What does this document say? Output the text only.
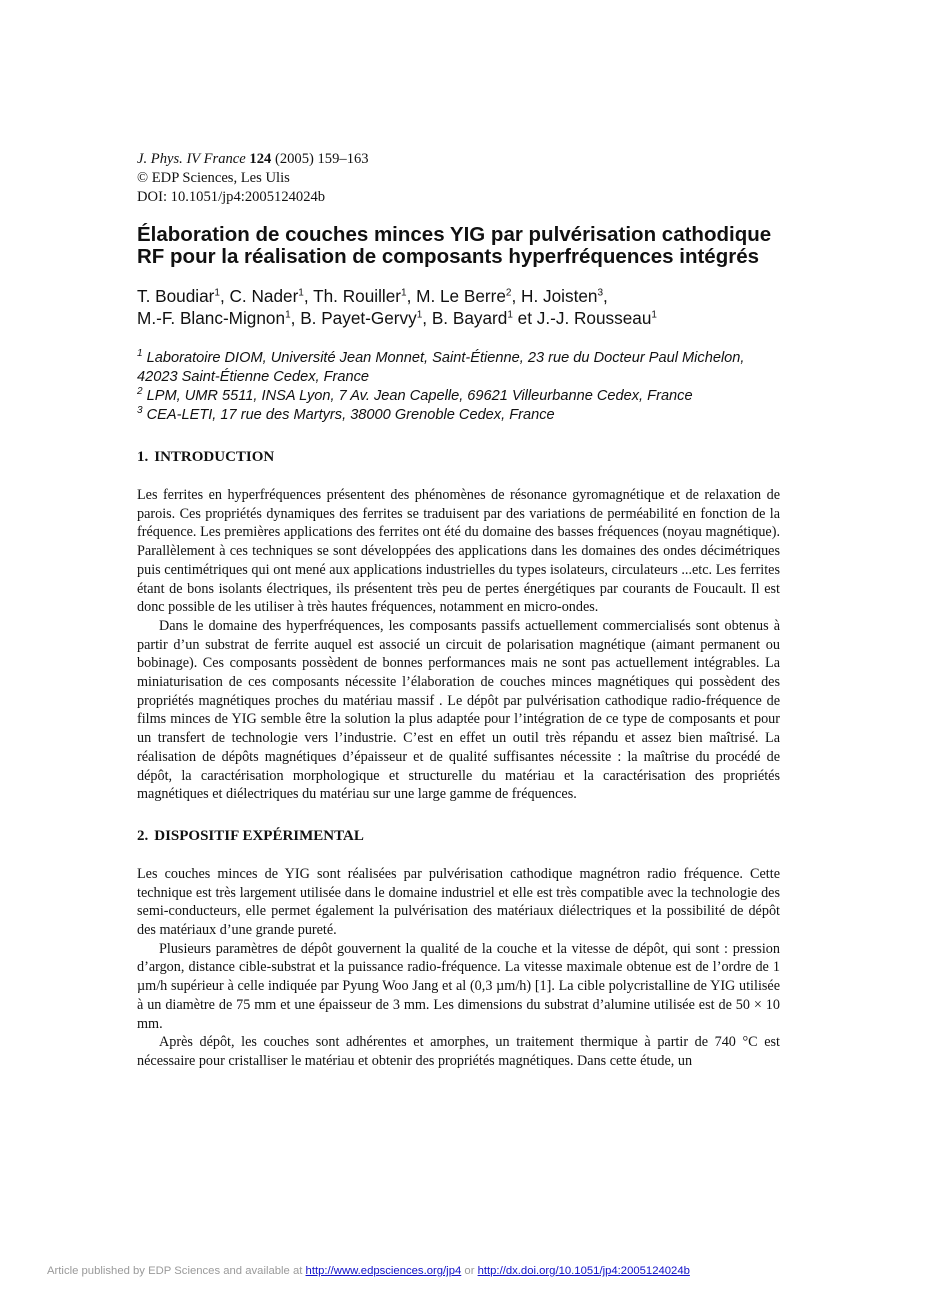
J. Phys. IV France 124 (2005) 159–163
© EDP Sciences, Les Ulis
DOI: 10.1051/jp4:2005124024b
Élaboration de couches minces YIG par pulvérisation cathodique RF pour la réalisation de composants hyperfréquences intégrés
T. Boudiar$^1$, C. Nader$^1$, Th. Rouiller$^1$, M. Le Berre$^2$, H. Joisten$^3$,
M.-F. Blanc-Mignon$^1$, B. Payet-Gervy$^1$, B. Bayard$^1$ et J.-J. Rousseau$^1$
$^1$ Laboratoire DIOM, Université Jean Monnet, Saint-Étienne, 23 rue du Docteur Paul Michelon, 42023 Saint-Étienne Cedex, France
$^2$ LPM, UMR 5511, INSA Lyon, 7 Av. Jean Capelle, 69621 Villeurbanne Cedex, France
$^3$ CEA-LETI, 17 rue des Martyrs, 38000 Grenoble Cedex, France
1. INTRODUCTION

Les ferrites en hyperfréquences présentent des phénomènes de résonance gyromagnétique et de relaxation de parois. Ces propriétés dynamiques des ferrites se traduisent par des variations de perméabilité en fonction de la fréquence. Les premières applications des ferrites ont été du domaine des basses fréquences (noyau magnétique). Parallèlement à ces techniques se sont développées des applications dans les domaines des ondes décimétriques puis centimétriques qui ont mené aux applications industrielles du types isolateurs, circulateurs ...etc. Les ferrites étant de bons isolants électriques, ils présentent très peu de pertes énergétiques par courants de Foucault. Il est donc possible de les utiliser à très hautes fréquences, notamment en micro-ondes.

Dans le domaine des hyperfréquences, les composants passifs actuellement commercialisés sont obtenus à partir d’un substrat de ferrite auquel est associé un circuit de polarisation magnétique (aimant permanent ou bobinage). Ces composants possèdent de bonnes performances mais ne sont pas actuellement intégrables. La miniaturisation de ces composants nécessite l’élaboration de couches minces magnétiques qui possèdent des propriétés magnétiques proches du matériau massif . Le dépôt par pulvérisation cathodique radio-fréquence de films minces de YIG semble être la solution la plus adaptée pour l’intégration de ce type de composants et pour un transfert de technologie vers l’industrie. C’est en effet un outil très répandu et assez bien maîtrisé. La réalisation de dépôts magnétiques d’épaisseur et de qualité suffisantes nécessite : la maîtrise du procédé de dépôt, la caractérisation morphologique et structurelle du matériau et la caractérisation des propriétés magnétiques et diélectriques du matériau sur une large gamme de fréquences.

2. DISPOSITIF EXPÉRIMENTAL

Les couches minces de YIG sont réalisées par pulvérisation cathodique magnétron radio fréquence. Cette technique est très largement utilisée dans le domaine industriel et elle est très compatible avec la technologie des semi-conducteurs, elle permet également la pulvérisation des matériaux diélectriques et la possibilité de dépôt des matériaux d’une grande pureté.

Plusieurs paramètres de dépôt gouvernent la qualité de la couche et la vitesse de dépôt, qui sont : pression d’argon, distance cible-substrat et la puissance radio-fréquence. La vitesse maximale obtenue est de l’ordre de 1 µm/h supérieur à celle indiquée par Pyung Woo Jang et al (0,3 µm/h) [1]. La cible polycristalline de YIG utilisée à un diamètre de 75 mm et une épaisseur de 3 mm. Les dimensions du substrat d’alumine utilisée est de 50 × 10 mm.

Après dépôt, les couches sont adhérentes et amorphes, un traitement thermique à partir de 740 °C est nécessaire pour cristalliser le matériau et obtenir des propriétés magnétiques. Dans cette étude, un

Article published by EDP Sciences and available at http://www.edpsciences.org/jp4 or http://dx.doi.org/10.1051/jp4:2005124024b
